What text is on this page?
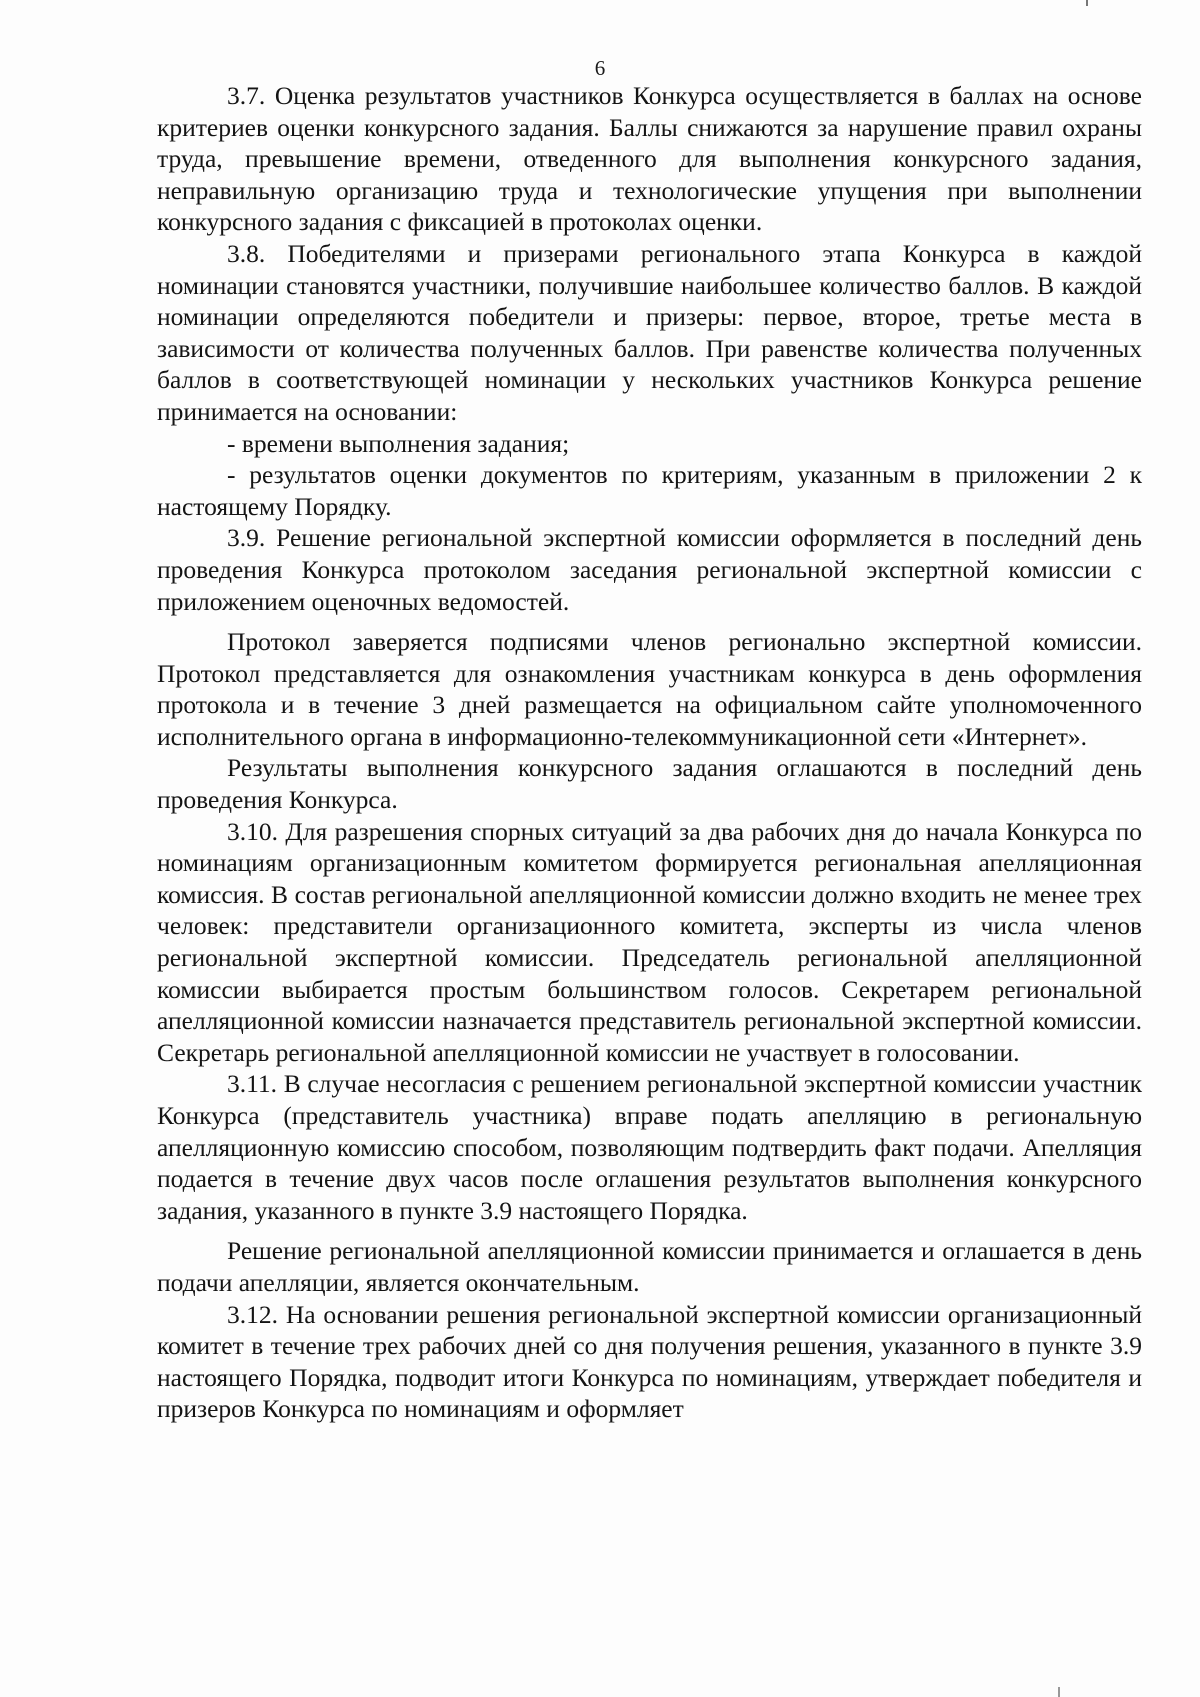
6

3.7. Оценка результатов участников Конкурса осуществляется в баллах на основе критериев оценки конкурсного задания. Баллы снижаются за нарушение правил охраны труда, превышение времени, отведенного для выполнения конкурсного задания, неправильную организацию труда и технологические упущения при выполнении конкурсного задания с фиксацией в протоколах оценки.

3.8. Победителями и призерами регионального этапа Конкурса в каждой номинации становятся участники, получившие наибольшее количество баллов. В каждой номинации определяются победители и призеры: первое, второе, третье места в зависимости от количества полученных баллов. При равенстве количества полученных баллов в соответствующей номинации у нескольких участников Конкурса решение принимается на основании:

- времени выполнения задания;

- результатов оценки документов по критериям, указанным в приложении 2 к настоящему Порядку.

3.9. Решение региональной экспертной комиссии оформляется в последний день проведения Конкурса протоколом заседания региональной экспертной комиссии с приложением оценочных ведомостей.

Протокол заверяется подписями членов регионально экспертной комиссии. Протокол представляется для ознакомления участникам конкурса в день оформления протокола и в течение 3 дней размещается на официальном сайте уполномоченного исполнительного органа в информационно-телекоммуникационной сети «Интернет».

Результаты выполнения конкурсного задания оглашаются в последний день проведения Конкурса.

3.10. Для разрешения спорных ситуаций за два рабочих дня до начала Конкурса по номинациям организационным комитетом формируется региональная апелляционная комиссия. В состав региональной апелляционной комиссии должно входить не менее трех человек: представители организационного комитета, эксперты из числа членов региональной экспертной комиссии. Председатель региональной апелляционной комиссии выбирается простым большинством голосов. Секретарем региональной апелляционной комиссии назначается представитель региональной экспертной комиссии. Секретарь региональной апелляционной комиссии не участвует в голосовании.

3.11. В случае несогласия с решением региональной экспертной комиссии участник Конкурса (представитель участника) вправе подать апелляцию в региональную апелляционную комиссию способом, позволяющим подтвердить факт подачи. Апелляция подается в течение двух часов после оглашения результатов выполнения конкурсного задания, указанного в пункте 3.9 настоящего Порядка.

Решение региональной апелляционной комиссии принимается и оглашается в день подачи апелляции, является окончательным.

3.12. На основании решения региональной экспертной комиссии организационный комитет в течение трех рабочих дней со дня получения решения, указанного в пункте 3.9 настоящего Порядка, подводит итоги Конкурса по номинациям, утверждает победителя и призеров Конкурса по номинациям и оформляет
